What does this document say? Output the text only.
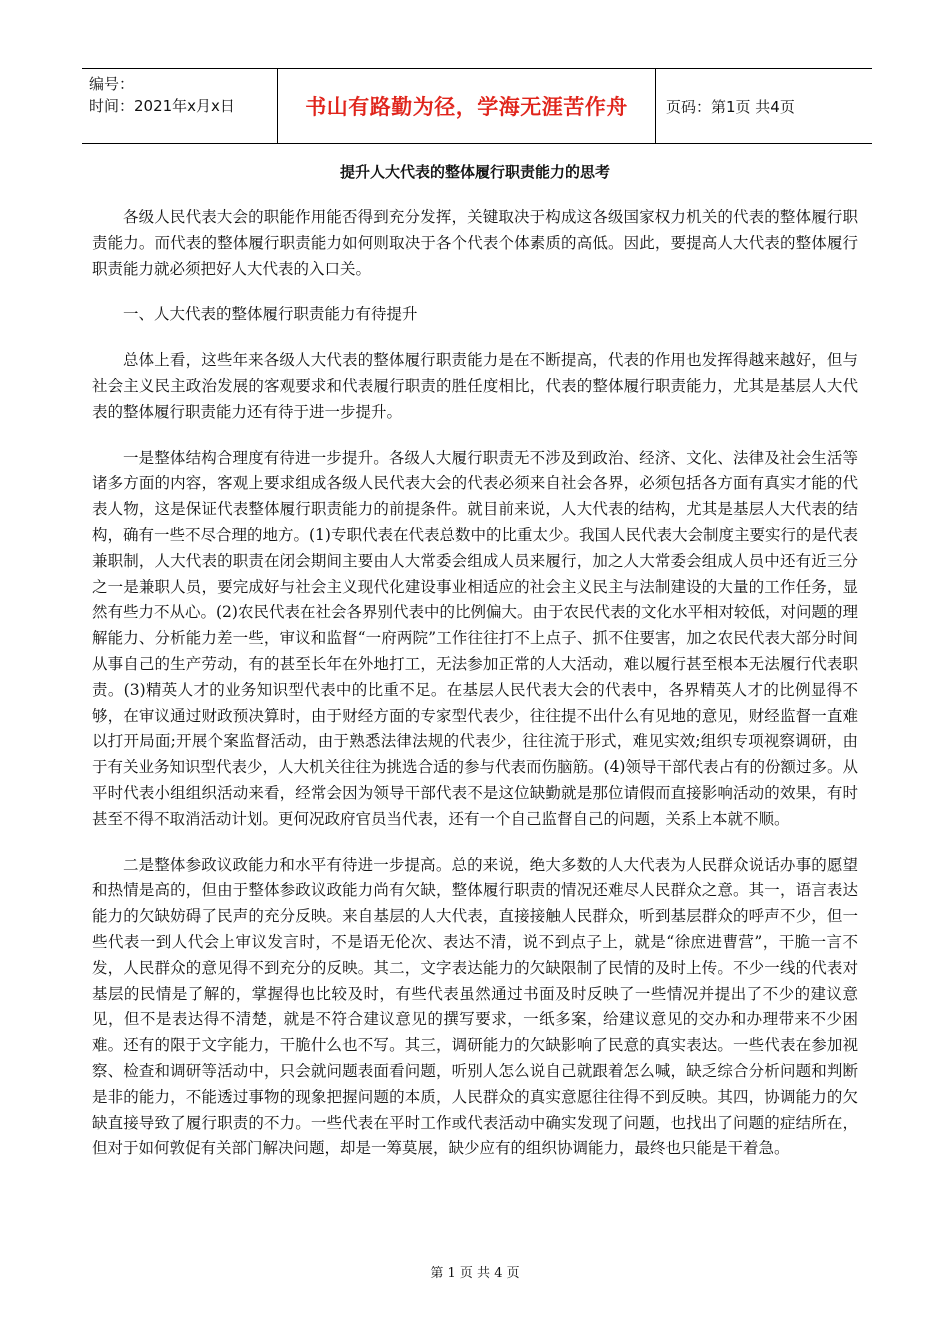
编号：
时间：2021年x月x日	书山有路勤为径，学海无涯苦作舟	页码：第1页 共4页
提升人大代表的整体履行职责能力的思考

各级人民代表大会的职能作用能否得到充分发挥，关键取决于构成这各级国家权力机关的代表的整体履行职责能力。而代表的整体履行职责能力如何则取决于各个代表个体素质的高低。因此，要提高人大代表的整体履行职责能力就必须把好人大代表的入口关。

一、人大代表的整体履行职责能力有待提升

总体上看，这些年来各级人大代表的整体履行职责能力是在不断提高，代表的作用也发挥得越来越好，但与社会主义民主政治发展的客观要求和代表履行职责的胜任度相比，代表的整体履行职责能力，尤其是基层人大代表的整体履行职责能力还有待于进一步提升。

一是整体结构合理度有待进一步提升。各级人大履行职责无不涉及到政治、经济、文化、法律及社会生活等诸多方面的内容，客观上要求组成各级人民代表大会的代表必须来自社会各界，必须包括各方面有真实才能的代表人物，这是保证代表整体履行职责能力的前提条件。就目前来说，人大代表的结构，尤其是基层人大代表的结构，确有一些不尽合理的地方。(1)专职代表在代表总数中的比重太少。我国人民代表大会制度主要实行的是代表兼职制，人大代表的职责在闭会期间主要由人大常委会组成人员来履行，加之人大常委会组成人员中还有近三分之一是兼职人员，要完成好与社会主义现代化建设事业相适应的社会主义民主与法制建设的大量的工作任务，显然有些力不从心。(2)农民代表在社会各界别代表中的比例偏大。由于农民代表的文化水平相对较低，对问题的理解能力、分析能力差一些，审议和监督“一府两院”工作往往打不上点子、抓不住要害，加之农民代表大部分时间从事自己的生产劳动，有的甚至长年在外地打工，无法参加正常的人大活动，难以履行甚至根本无法履行代表职责。(3)精英人才的业务知识型代表中的比重不足。在基层人民代表大会的代表中，各界精英人才的比例显得不够，在审议通过财政预决算时，由于财经方面的专家型代表少，往往提不出什么有见地的意见，财经监督一直难以打开局面;开展个案监督活动，由于熟悉法律法规的代表少，往往流于形式，难见实效;组织专项视察调研，由于有关业务知识型代表少，人大机关往往为挑选合适的参与代表而伤脑筋。(4)领导干部代表占有的份额过多。从平时代表小组组织活动来看，经常会因为领导干部代表不是这位缺勤就是那位请假而直接影响活动的效果，有时甚至不得不取消活动计划。更何况政府官员当代表，还有一个自己监督自己的问题，关系上本就不顺。

二是整体参政议政能力和水平有待进一步提高。总的来说，绝大多数的人大代表为人民群众说话办事的愿望和热情是高的，但由于整体参政议政能力尚有欠缺，整体履行职责的情况还难尽人民群众之意。其一，语言表达能力的欠缺妨碍了民声的充分反映。来自基层的人大代表，直接接触人民群众，听到基层群众的呼声不少，但一些代表一到人代会上审议发言时，不是语无伦次、表达不清，说不到点子上，就是“徐庶进曹营”，干脆一言不发，人民群众的意见得不到充分的反映。其二，文字表达能力的欠缺限制了民情的及时上传。不少一线的代表对基层的民情是了解的，掌握得也比较及时，有些代表虽然通过书面及时反映了一些情况并提出了不少的建议意见，但不是表达得不清楚，就是不符合建议意见的撰写要求，一纸多案，给建议意见的交办和办理带来不少困难。还有的限于文字能力，干脆什么也不写。其三，调研能力的欠缺影响了民意的真实表达。一些代表在参加视察、检查和调研等活动中，只会就问题表面看问题，听别人怎么说自己就跟着怎么喊，缺乏综合分析问题和判断是非的能力，不能透过事物的现象把握问题的本质，人民群众的真实意愿往往得不到反映。其四，协调能力的欠缺直接导致了履行职责的不力。一些代表在平时工作或代表活动中确实发现了问题，也找出了问题的症结所在，但对于如何敦促有关部门解决问题，却是一筹莫展，缺少应有的组织协调能力，最终也只能是干着急。

第 1 页 共 4 页
